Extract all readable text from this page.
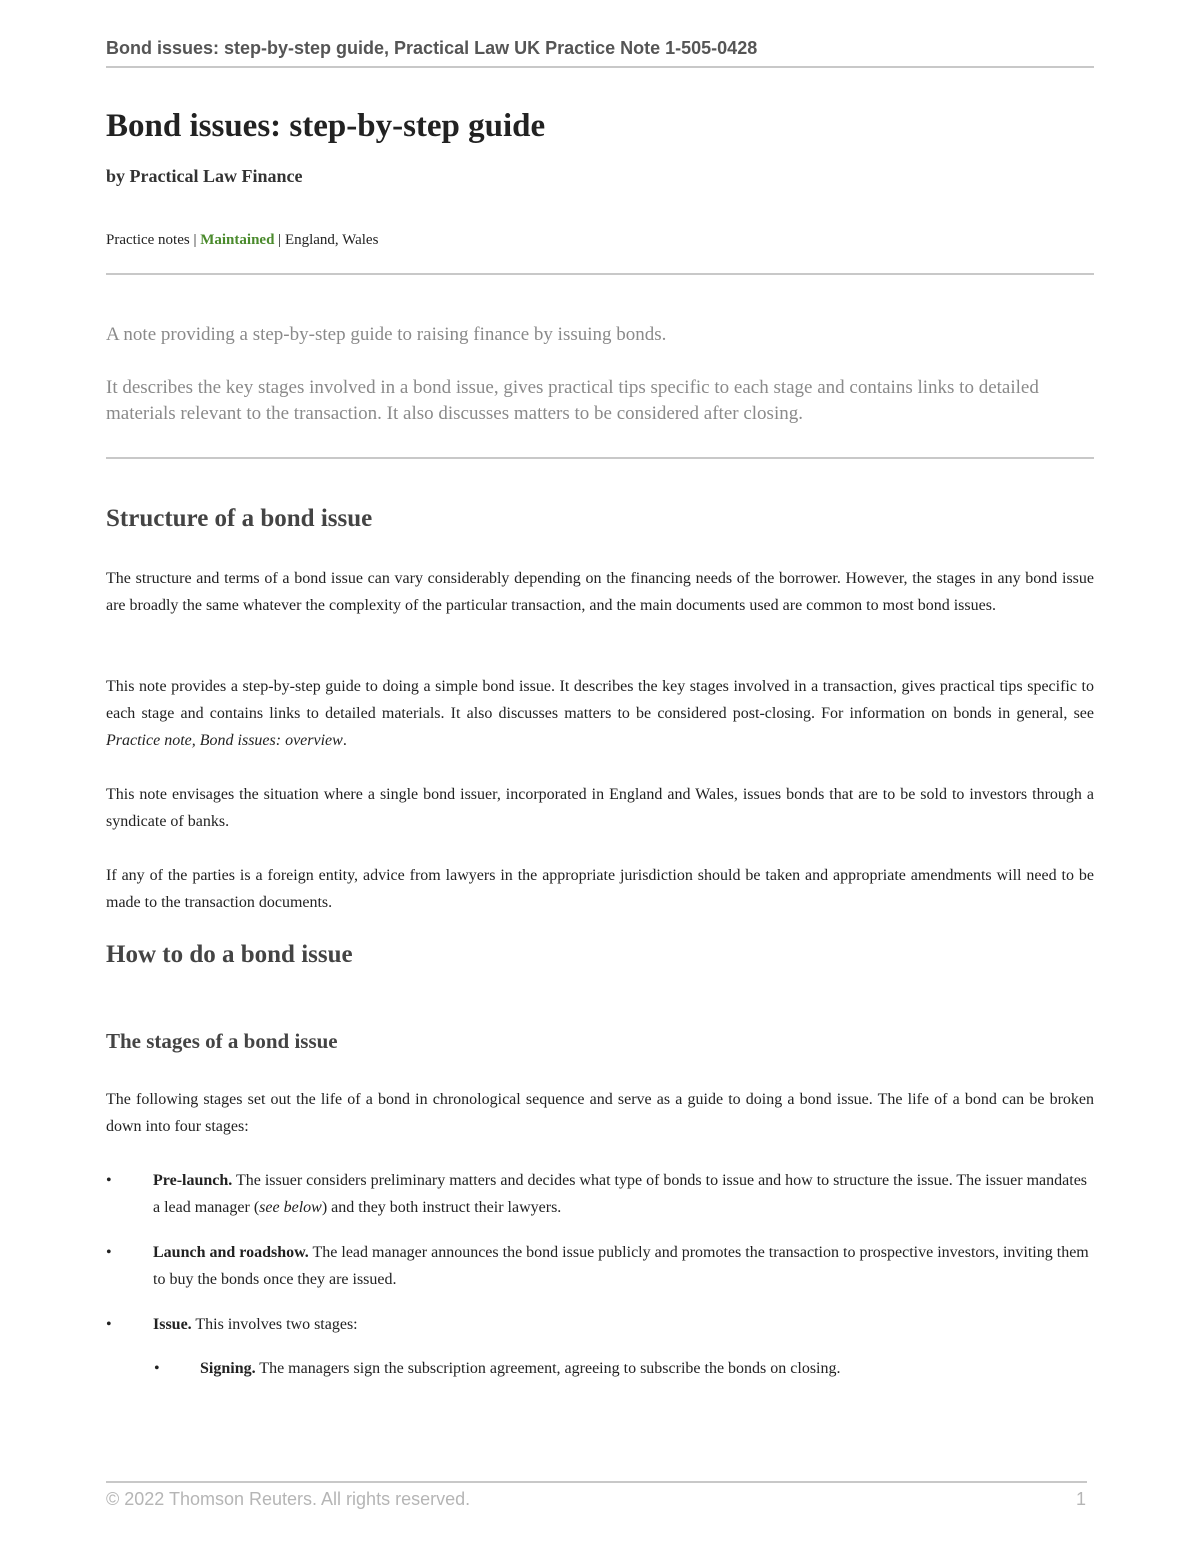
Bond issues: step-by-step guide, Practical Law UK Practice Note 1-505-0428
Bond issues: step-by-step guide
by Practical Law Finance
Practice notes | Maintained | England, Wales
A note providing a step-by-step guide to raising finance by issuing bonds.
It describes the key stages involved in a bond issue, gives practical tips specific to each stage and contains links to detailed materials relevant to the transaction. It also discusses matters to be considered after closing.
Structure of a bond issue
The structure and terms of a bond issue can vary considerably depending on the financing needs of the borrower. However, the stages in any bond issue are broadly the same whatever the complexity of the particular transaction, and the main documents used are common to most bond issues.
This note provides a step-by-step guide to doing a simple bond issue. It describes the key stages involved in a transaction, gives practical tips specific to each stage and contains links to detailed materials. It also discusses matters to be considered post-closing. For information on bonds in general, see Practice note, Bond issues: overview.
This note envisages the situation where a single bond issuer, incorporated in England and Wales, issues bonds that are to be sold to investors through a syndicate of banks.
If any of the parties is a foreign entity, advice from lawyers in the appropriate jurisdiction should be taken and appropriate amendments will need to be made to the transaction documents.
How to do a bond issue
The stages of a bond issue
The following stages set out the life of a bond in chronological sequence and serve as a guide to doing a bond issue. The life of a bond can be broken down into four stages:
•	Pre-launch. The issuer considers preliminary matters and decides what type of bonds to issue and how to structure the issue. The issuer mandates a lead manager (see below) and they both instruct their lawyers.
•	Launch and roadshow. The lead manager announces the bond issue publicly and promotes the transaction to prospective investors, inviting them to buy the bonds once they are issued.
•	Issue. This involves two stages:
•	Signing. The managers sign the subscription agreement, agreeing to subscribe the bonds on closing.
© 2022 Thomson Reuters. All rights reserved.	1
